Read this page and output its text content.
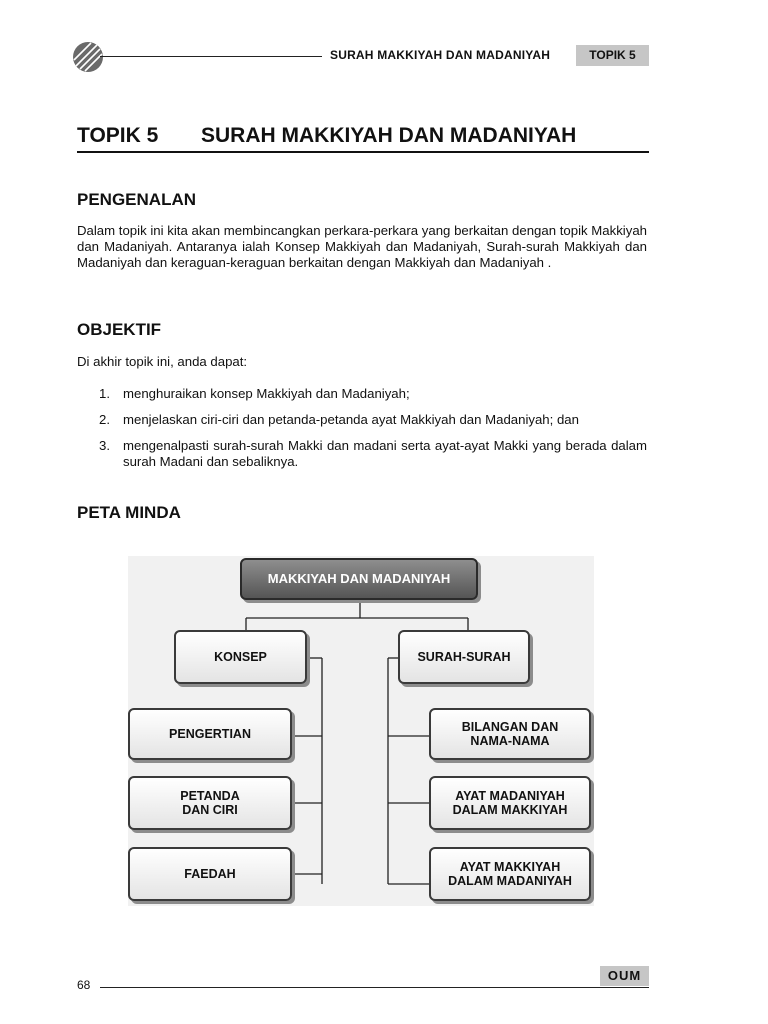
SURAH MAKKIYAH DAN MADANIYAH	TOPIK 5
TOPIK 5 SURAH MAKKIYAH DAN MADANIYAH
PENGENALAN

Dalam topik ini kita akan membincangkan perkara-perkara yang berkaitan dengan topik Makkiyah dan Madaniyah. Antaranya ialah Konsep Makkiyah dan Madaniyah, Surah-surah Makkiyah dan Madaniyah dan keraguan-keraguan berkaitan dengan Makkiyah dan Madaniyah .

OBJEKTIF

Di akhir topik ini, anda dapat:

1. menghuraikan konsep Makkiyah dan Madaniyah;
2. menjelaskan ciri-ciri dan petanda-petanda ayat Makkiyah dan Madaniyah; dan
3. mengenalpasti surah-surah Makki dan madani serta ayat-ayat Makki yang berada dalam surah Madani dan sebaliknya.
PETA MINDA
MAKKIYAH DAN MADANIYAH
KONSEP	SURAH-SURAH
PENGERTIAN
PETANDA
DAN CIRI
FAEDAH
BILANGAN DAN
NAMA-NAMA
AYAT MADANIYAH
DALAM MAKKIYAH
AYAT MAKKIYAH
DALAM MADANIYAH
68
OUM
